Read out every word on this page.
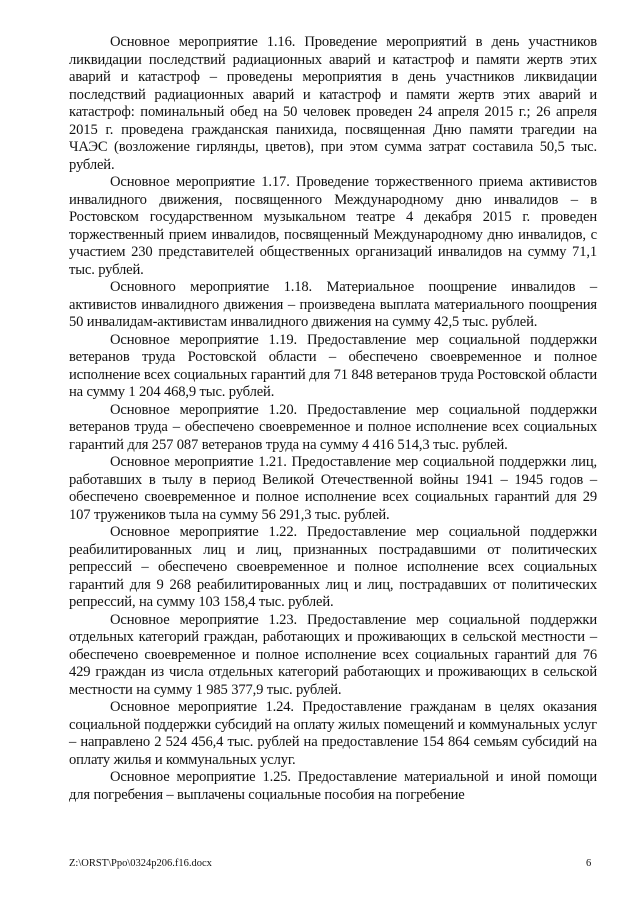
Основное мероприятие 1.16. Проведение мероприятий в день участников ликвидации последствий радиационных аварий и катастроф и памяти жертв этих аварий и катастроф – проведены мероприятия в день участников ликвидации последствий радиационных аварий и катастроф и памяти жертв этих аварий и катастроф: поминальный обед на 50 человек проведен 24 апреля 2015 г.; 26 апреля 2015 г. проведена гражданская панихида, посвященная Дню памяти трагедии на ЧАЭС (возложение гирлянды, цветов), при этом сумма затрат составила 50,5 тыс. рублей.

Основное мероприятие 1.17. Проведение торжественного приема активистов инвалидного движения, посвященного Международному дню инвалидов – в Ростовском государственном музыкальном театре 4 декабря 2015 г. проведен торжественный прием инвалидов, посвященный Международному дню инвалидов, с участием 230 представителей общественных организаций инвалидов на сумму 71,1 тыс. рублей.

Основного мероприятие 1.18. Материальное поощрение инвалидов – активистов инвалидного движения – произведена выплата материального поощрения 50 инвалидам-активистам инвалидного движения на сумму 42,5 тыс. рублей.

Основное мероприятие 1.19. Предоставление мер социальной поддержки ветеранов труда Ростовской области – обеспечено своевременное и полное исполнение всех социальных гарантий для 71 848 ветеранов труда Ростовской области на сумму 1 204 468,9 тыс. рублей.

Основное мероприятие 1.20. Предоставление мер социальной поддержки ветеранов труда – обеспечено своевременное и полное исполнение всех социальных гарантий для 257 087 ветеранов труда на сумму 4 416 514,3 тыс. рублей.

Основное мероприятие 1.21. Предоставление мер социальной поддержки лиц, работавших в тылу в период Великой Отечественной войны 1941 – 1945 годов – обеспечено своевременное и полное исполнение всех социальных гарантий для 29 107 тружеников тыла на сумму 56 291,3 тыс. рублей.

Основное мероприятие 1.22. Предоставление мер социальной поддержки реабилитированных лиц и лиц, признанных пострадавшими от политических репрессий – обеспечено своевременное и полное исполнение всех социальных гарантий для 9 268 реабилитированных лиц и лиц, пострадавших от политических репрессий, на сумму 103 158,4 тыс. рублей.

Основное мероприятие 1.23. Предоставление мер социальной поддержки отдельных категорий граждан, работающих и проживающих в сельской местности – обеспечено своевременное и полное исполнение всех социальных гарантий для 76 429 граждан из числа отдельных категорий работающих и проживающих в сельской местности на сумму 1 985 377,9 тыс. рублей.

Основное мероприятие 1.24. Предоставление гражданам в целях оказания социальной поддержки субсидий на оплату жилых помещений и коммунальных услуг – направлено 2 524 456,4 тыс. рублей на предоставление 154 864 семьям субсидий на оплату жилья и коммунальных услуг.

Основное мероприятие 1.25. Предоставление материальной и иной помощи для погребения – выплачены социальные пособия на погребение

Z:\ORST\Ppo\0324p206.f16.docx	6
